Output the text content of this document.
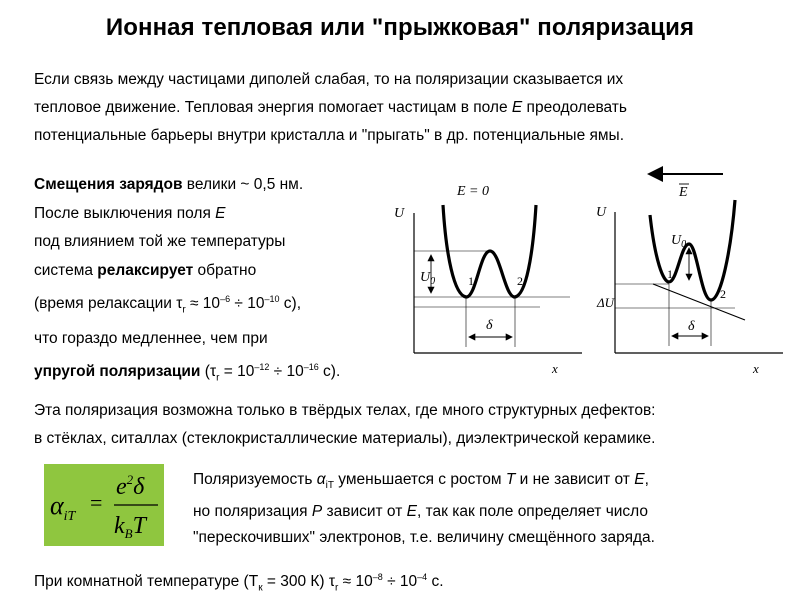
Ионная тепловая или "прыжковая" поляризация
Если связь между частицами диполей слабая, то на поляризации сказывается их
тепловое движение. Тепловая энергия помогает частицам в поле E преодолевать
потенциальные барьеры внутри кристалла и "прыгать" в др. потенциальные ямы.
Смещения зарядов велики ~ 0,5 нм.
После выключения поля E
под влиянием той же температуры
система релаксирует обратно
(время релаксации $\tau_r \approx 10^{-6} \div 10^{-10}$ с),
что гораздо медленнее, чем при
упругой поляризации ($\tau_r = 10^{-12} \div 10^{-16}$ с).
E = 0
U
x
$U_0$
δ
1	2
E
U
x
ΔU
$U_0$
δ
1
2
Эта поляризация возможна только в твёрдых телах, где много структурных дефектов:
в стёклах, ситаллах (стеклокристаллические материалы), диэлектрической керамике.
$\alpha_{iT}$
=
$e^2\delta$
$k_BT$
Поляризуемость $\alpha_{iT}$ уменьшается с ростом T и не зависит от E,
но поляризация P зависит от E, так как поле определяет число
"перескочивших" электронов, т.е. величину смещённого заряда.
При комнатной температуре ($Т_к = 300$ К) $\tau_r \approx 10^{-8} \div 10^{-4}$ с.
